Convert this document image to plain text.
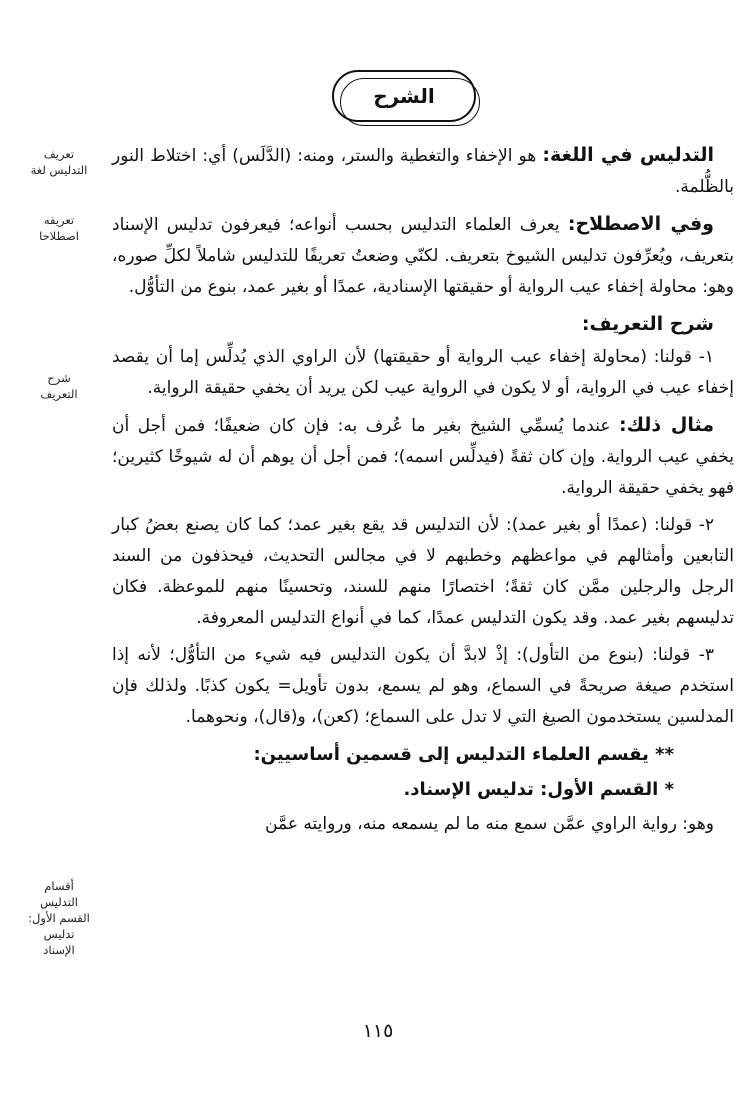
الشرح
تعريف
التدليس لغة
تعريفه
اصطلاحا
شرح
التعريف
أقسام
التدليس
القسم الأول:
تدليس
الإسناد

التدليس في اللغة: هو الإخفاء والتغطية والستر، ومنه: (الدَّلَس) أي: اختلاط النور بالظُّلمة.

وفي الاصطلاح: يعرف العلماء التدليس بحسب أنواعه؛ فيعرفون تدليس الإسناد بتعريف، ويُعرِّفون تدليس الشيوخ بتعريف. لكنّي وضعتُ تعريفًا للتدليس شاملاً لكلِّ صوره، وهو: محاولة إخفاء عيب الرواية أو حقيقتها الإسنادية، عمدًا أو بغير عمد، بنوع من التأوُّل.

شرح التعريف:

١- قولنا: (محاولة إخفاء عيب الرواية أو حقيقتها) لأن الراوي الذي يُدلِّس إما أن يقصد إخفاء عيب في الرواية، أو لا يكون في الرواية عيب لكن يريد أن يخفي حقيقة الرواية.

مثال ذلك: عندما يُسمِّي الشيخ بغير ما عُرف به: فإن كان ضعيفًا؛ فمن أجل أن يخفي عيب الرواية. وإن كان ثقةً (فيدلِّس اسمه)؛ فمن أجل أن يوهم أن له شيوخًا كثيرين؛ فهو يخفي حقيقة الرواية.

٢- قولنا: (عمدًا أو بغير عمد): لأن التدليس قد يقع بغير عمد؛ كما كان يصنع بعضُ كبار التابعين وأمثالهم في مواعظهم وخطبهم لا في مجالس التحديث، فيحذفون من السند الرجل والرجلين ممَّن كان ثقةً؛ اختصارًا منهم للسند، وتحسينًا منهم للموعظة. فكان تدليسهم بغير عمد. وقد يكون التدليس عمدًا، كما في أنواع التدليس المعروفة.

٣- قولنا: (بنوع من التأول): إذْ لابدَّ أن يكون التدليس فيه شيء من التأوُّل؛ لأنه إذا استخدم صيغة صريحةً في السماع، وهو لم يسمع، بدون تأويل= يكون كذبًا. ولذلك فإن المدلسين يستخدمون الصيغ التي لا تدل على السماع؛ (كعن)، و(قال)، ونحوهما.

** يقسم العلماء التدليس إلى قسمين أساسيين:

* القسم الأول: تدليس الإسناد.

وهو: رواية الراوي عمَّن سمع منه ما لم يسمعه منه، وروايته عمَّن

١١٥
